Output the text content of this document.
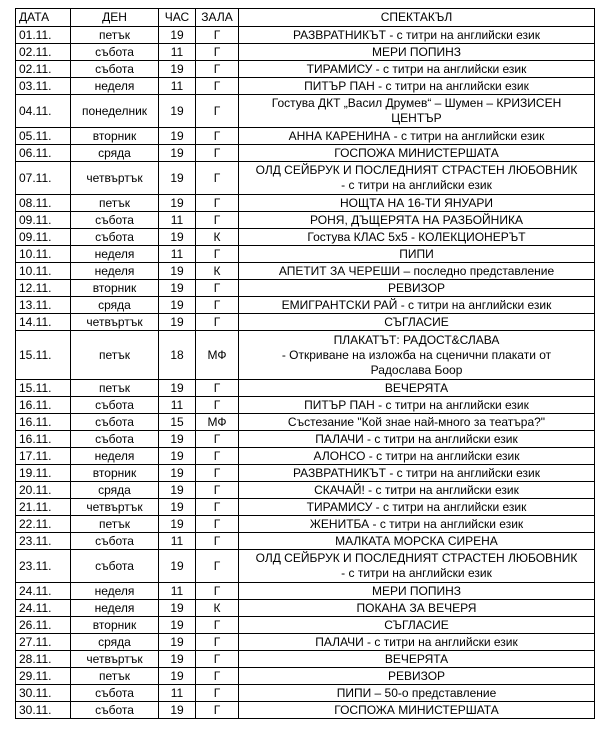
ДАТА	ДЕН	ЧАС	ЗАЛА	СПЕКТАКЪЛ
01.11.	петък	19	Г	РАЗВРАТНИКЪТ - с титри на английски език

02.11.	събота	11	Г	МЕРИ ПОПИНЗ

02.11.	събота	19	Г	ТИРАМИСУ - с титри на английски език

03.11.	неделя	11	Г	ПИТЪР ПАН - с титри на английски език

04.11.	понеделник	19	Г	Гостува ДКТ „Васил Друмев“ – Шумен – КРИЗИСЕН
ЦЕНТЪР

05.11.	вторник	19	Г	АННА КАРЕНИНА - с титри на английски език

06.11.	сряда	19	Г	ГОСПОЖА МИНИСТЕРШАТА

07.11.	четвъртък	19	Г	ОЛД СЕЙБРУК И ПОСЛЕДНИЯТ СТРАСТЕН ЛЮБОВНИК
- с титри на английски език

08.11.	петък	19	Г	НОЩТА НА 16-ТИ ЯНУАРИ

09.11.	събота	11	Г	РОНЯ, ДЪЩЕРЯТА НА РАЗБОЙНИКА

09.11.	събота	19	К	Гостува КЛАС 5х5 - КОЛЕКЦИОНЕРЪТ

10.11.	неделя	11	Г	ПИПИ

10.11.	неделя	19	К	АПЕТИТ ЗА ЧЕРЕШИ – последно представление

12.11.	вторник	19	Г	РЕВИЗОР

13.11.	сряда	19	Г	ЕМИГРАНТСКИ РАЙ - с титри на английски език

14.11.	четвъртък	19	Г	СЪГЛАСИЕ

15.11.	петък	18	МФ	ПЛАКАТЪТ: РАДОСТ&СЛАВА
- Откриване на изложба на сценични плакати от
Радослава Боор

15.11.	петък	19	Г	ВЕЧЕРЯТА

16.11.	събота	11	Г	ПИТЪР ПАН - с титри на английски език

16.11.	събота	15	МФ	Състезание "Кой знае най-много за театъра?"

16.11.	събота	19	Г	ПАЛАЧИ - с титри на английски език

17.11.	неделя	19	Г	АЛОНСО - с титри на английски език

19.11.	вторник	19	Г	РАЗВРАТНИКЪТ - с титри на английски език

20.11.	сряда	19	Г	СКАЧАЙ! - с титри на английски език

21.11.	четвъртък	19	Г	ТИРАМИСУ - с титри на английски език

22.11.	петък	19	Г	ЖЕНИТБА - с титри на английски език

23.11.	събота	11	Г	МАЛКАТА МОРСКА СИРЕНА

23.11.	събота	19	Г	ОЛД СЕЙБРУК И ПОСЛЕДНИЯТ СТРАСТЕН ЛЮБОВНИК
- с титри на английски език

24.11.	неделя	11	Г	МЕРИ ПОПИНЗ

24.11.	неделя	19	К	ПОКАНА ЗА ВЕЧЕРЯ

26.11.	вторник	19	Г	СЪГЛАСИЕ

27.11.	сряда	19	Г	ПАЛАЧИ - с титри на английски език

28.11.	четвъртък	19	Г	ВЕЧЕРЯТА

29.11.	петък	19	Г	РЕВИЗОР

30.11.	събота	11	Г	ПИПИ – 50-о представление

30.11.	събота	19	Г	ГОСПОЖА МИНИСТЕРШАТА
